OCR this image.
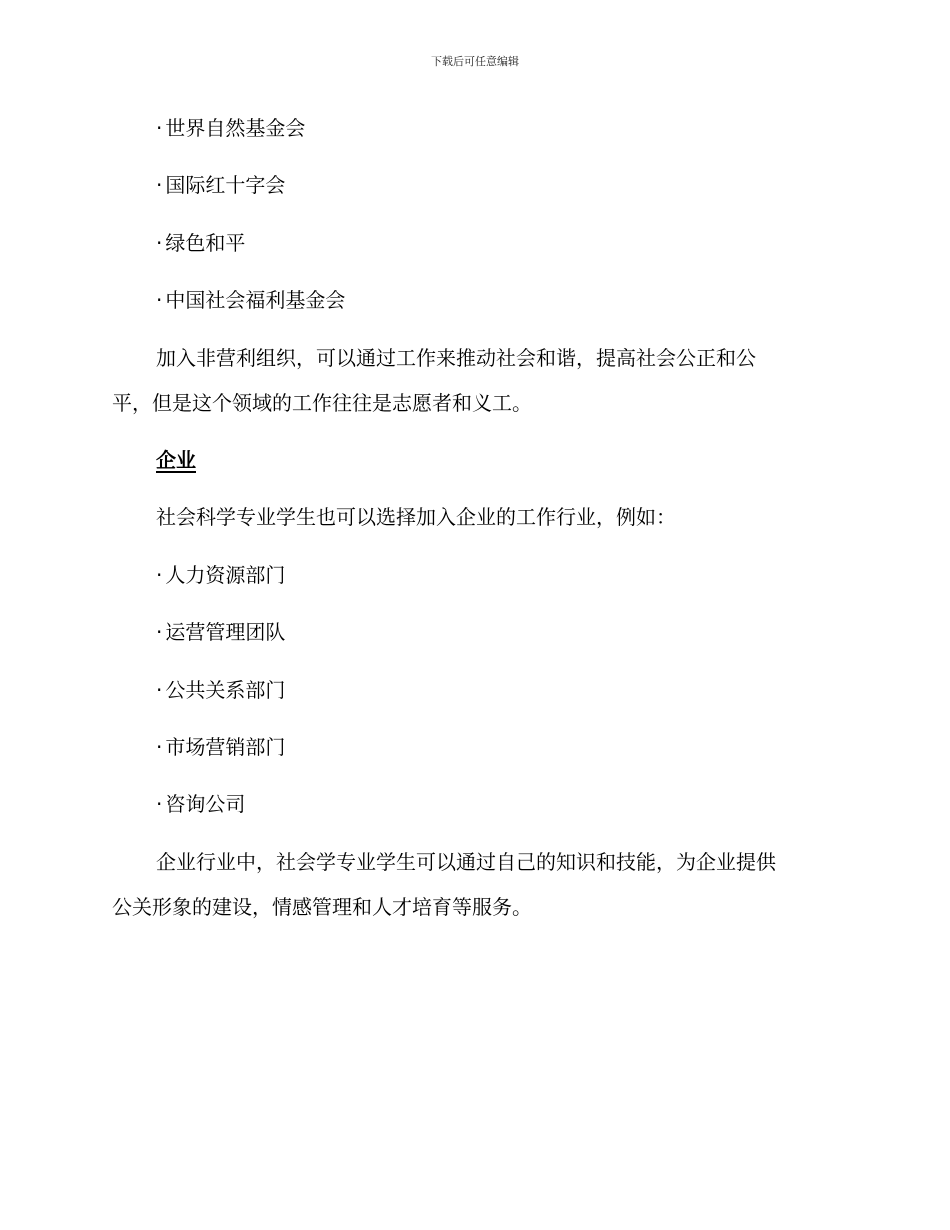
下载后可任意编辑
· 世界自然基金会
· 国际红十字会
· 绿色和平
· 中国社会福利基金会
加入非营利组织，可以通过工作来推动社会和谐，提高社会公正和公
平，但是这个领域的工作往往是志愿者和义工。
企业
社会科学专业学生也可以选择加入企业的工作行业，例如：
· 人力资源部门
· 运营管理团队
· 公共关系部门
· 市场营销部门
· 咨询公司
企业行业中，社会学专业学生可以通过自己的知识和技能，为企业提供
公关形象的建设，情感管理和人才培育等服务。
